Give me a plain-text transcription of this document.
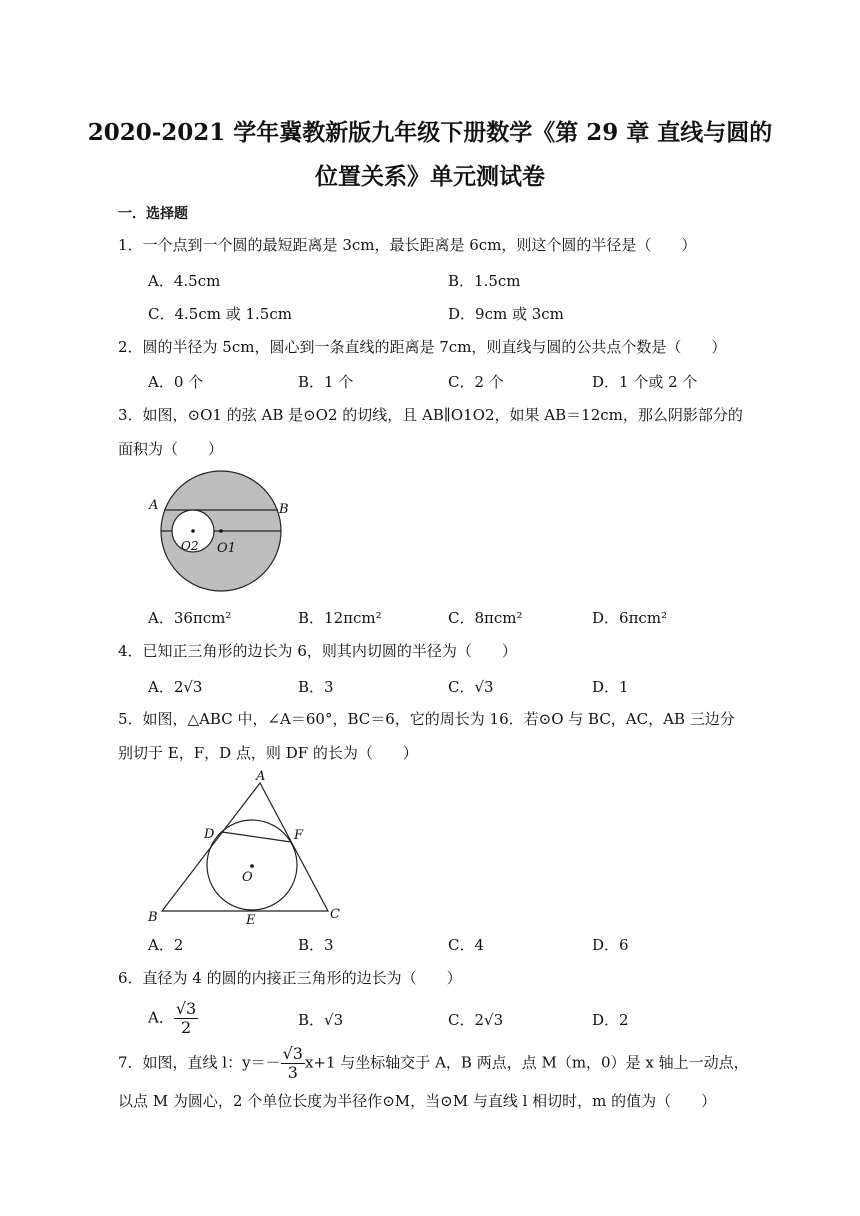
2020-2021 学年冀教新版九年级下册数学《第 29 章 直线与圆的
位置关系》单元测试卷
一．选择题
1．一个点到一个圆的最短距离是 3cm，最长距离是 6cm，则这个圆的半径是（　　）
A．4.5cm	B．1.5cm
C．4.5cm 或 1.5cm	D．9cm 或 3cm
2．圆的半径为 5cm，圆心到一条直线的距离是 7cm，则直线与圆的公共点个数是（　　）
A．0 个	B．1 个	C．2 个	D．1 个或 2 个
3．如图，⊙O1 的弦 AB 是⊙O2 的切线，且 AB∥O1O2，如果 AB＝12cm，那么阴影部分的
面积为（　　）
A	B
O2 O1
A．36πcm²	B．12πcm²	C．8πcm²	D．6πcm²
4．已知正三角形的边长为 6，则其内切圆的半径为（　　）
A．2√3	B．3	C．√3	D．1
5．如图，△ABC 中，∠A＝60°，BC＝6，它的周长为 16．若⊙O 与 BC，AC，AB 三边分
别切于 E，F，D 点，则 DF 的长为（　　）
A
D	F
O
B	E	C
A．2	B．3	C．4	D．6
6．直径为 4 的圆的内接正三角形的边长为（　　）
A． $\frac{√3}{2}$	B．√3	C．2√3	D．2
7．如图，直线 l：$y=- \frac{√3}{3} x+1$ 与坐标轴交于 A，B 两点，点 M（m，0）是 x 轴上一动点，
以点 M 为圆心，2 个单位长度为半径作⊙M，当⊙M 与直线 l 相切时，m 的值为（　　）
